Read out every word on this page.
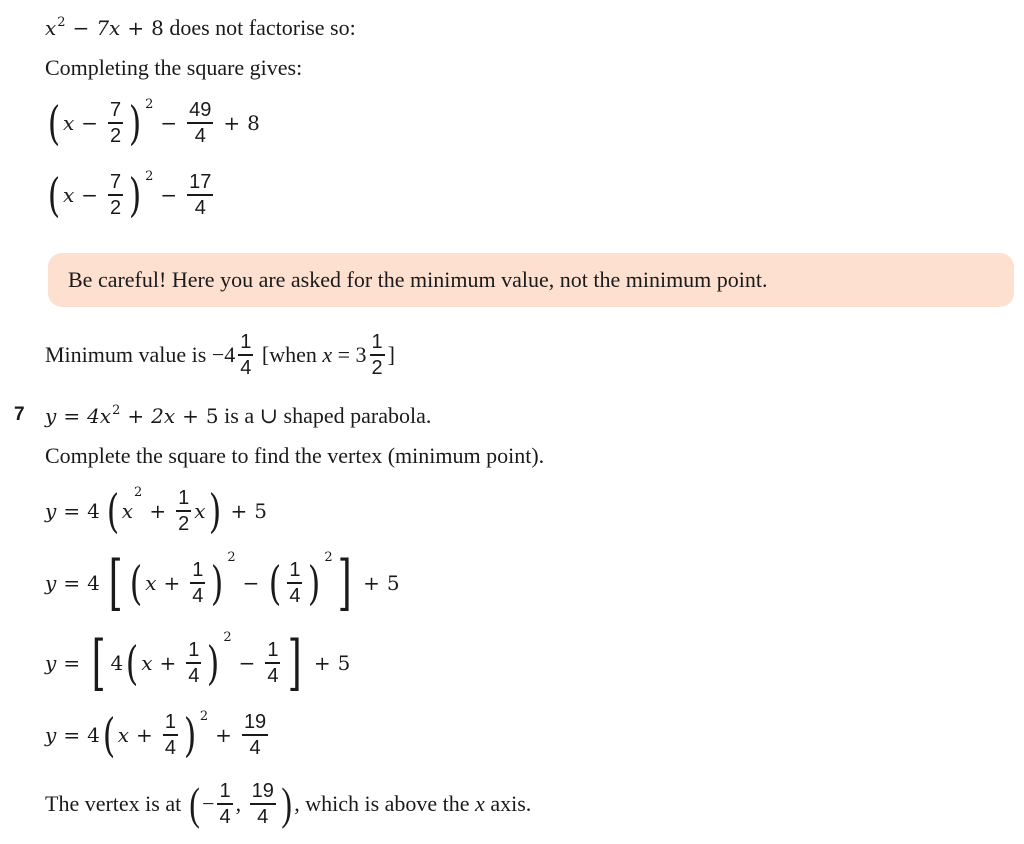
x 2 − 7x + 8 does not factorise so:
Completing the square gives:
( $x - \frac{7}{2}$ ) 2
− $\frac{49}{4} + 8$
( $x - \frac{7}{2}$ ) 2
− $\frac{17}{4}$
Be careful! Here you are asked for the minimum value, not the minimum point.
Minimum value is
$-4 \frac{1}{4}$
[when
x
= $3 \frac{1}{2}$ ]
7 y = 4x 2 + 2x + 5 is a ∪ shaped parabola.
Complete the square to find the vertex (minimum point).
y = 4 ( x
2
+ $\frac{1}{2}$ x ) + 5
y = 4 [ ( $x + \frac{1}{4}$ ) 2
− ( $\frac{1}{4}$ ) 2 ] + 5
y = [ 4 ( $x + \frac{1}{4}$ ) 2
− $\frac{1}{4}$ ] + 5
y = 4 ( $x + \frac{1}{4}$ ) 2
+ $\frac{19}{4}$
The vertex is at
( − $\frac{1}{4}$ , $\frac{19}{4}$ ) , which is above the
x
axis.
